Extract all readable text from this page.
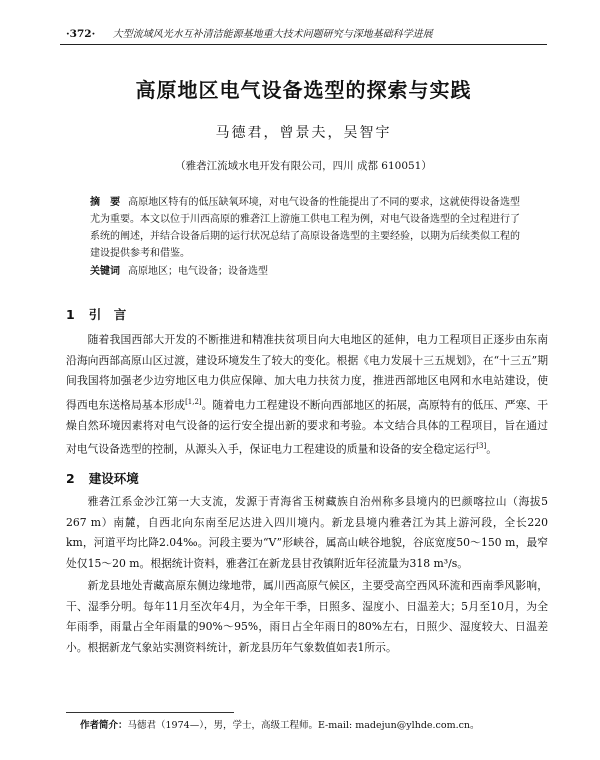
·372· 大型流域风光水互补清洁能源基地重大技术问题研究与深地基础科学进展
高原地区电气设备选型的探索与实践
马德君，曾景夫，吴智宇
（雅砻江流域水电开发有限公司，四川 成都 610051）
摘　要 高原地区特有的低压缺氧环境，对电气设备的性能提出了不同的要求，这就使得设备选型尤为重要。本文以位于川西高原的雅砻江上游施工供电工程为例，对电气设备选型的全过程进行了系统的阐述，并结合设备后期的运行状况总结了高原设备选型的主要经验，以期为后续类似工程的建设提供参考和借鉴。
关键词 高原地区；电气设备；设备选型
1 引　言

随着我国西部大开发的不断推进和精准扶贫项目向大电地区的延伸，电力工程项目正逐步由东南沿海向西部高原山区过渡，建设环境发生了较大的变化。根据《电力发展十三五规划》，在“十三五”期间我国将加强老少边穷地区电力供应保障、加大电力扶贫力度，推进西部地区电网和水电站建设，使得西电东送格局基本形成[1,2]。随着电力工程建设不断向西部地区的拓展，高原特有的低压、严寒、干燥自然环境因素将对电气设备的运行安全提出新的要求和考验。本文结合具体的工程项目，旨在通过对电气设备选型的控制，从源头入手，保证电力工程建设的质量和设备的安全稳定运行[3]。

2 建设环境

雅砻江系金沙江第一大支流，发源于青海省玉树藏族自治州称多县境内的巴颜喀拉山（海拔5 267 m）南麓，自西北向东南至尼达进入四川境内。新龙县境内雅砻江为其上游河段，全长220 km，河道平均比降2.04‰。河段主要为“V”形峡谷，属高山峡谷地貌，谷底宽度50～150 m，最窄处仅15～20 m。根据统计资料，雅砻江在新龙县甘孜镇附近年径流量为318 m³/s。

新龙县地处青藏高原东侧边缘地带，属川西高原气候区，主要受高空西风环流和西南季风影响，干、湿季分明。每年11月至次年4月，为全年干季，日照多、湿度小、日温差大；5月至10月，为全年雨季，雨量占全年雨量的90%～95%，雨日占全年雨日的80%左右，日照少、湿度较大、日温差小。根据新龙气象站实测资料统计，新龙县历年气象数值如表1所示。

作者简介：马德君（1974—），男，学士，高级工程师。E-mail: madejun@ylhde.com.cn。
